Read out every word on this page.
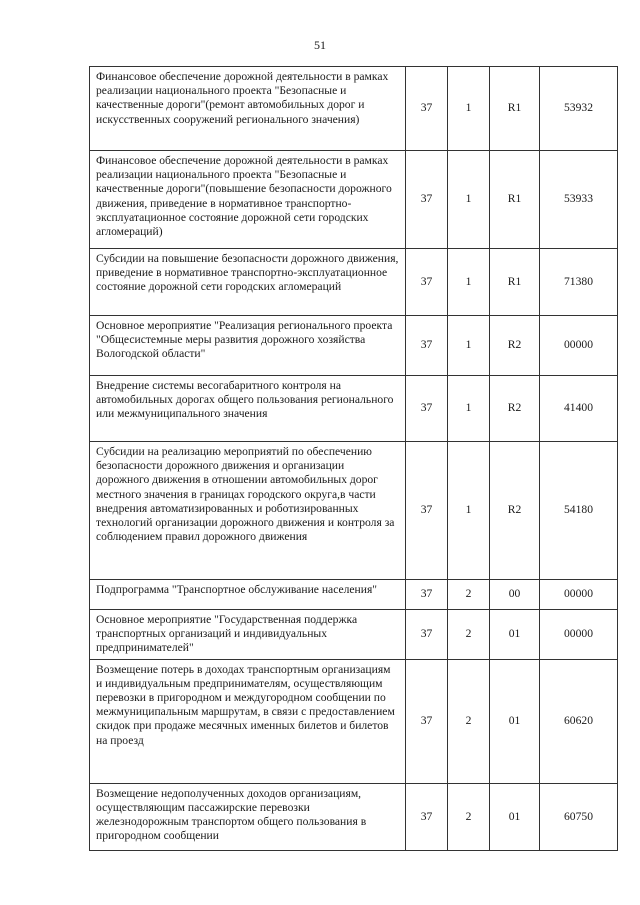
51
Финансовое обеспечение дорожной деятельности в рамках реализации национального проекта "Безопасные и качественные дороги"(ремонт автомобильных дорог и искусственных сооружений регионального значения)	37	1	R1	53932
Финансовое обеспечение дорожной деятельности в рамках реализации национального проекта "Безопасные и качественные дороги"(повышение безопасности дорожного движения, приведение в нормативное транспортно-эксплуатационное состояние дорожной сети городских агломераций)	37	1	R1	53933
Субсидии на повышение безопасности дорожного движения, приведение в нормативное транспортно-эксплуатационное состояние дорожной сети городских агломераций	37	1	R1	71380
Основное мероприятие "Реализация регионального проекта "Общесистемные меры развития дорожного хозяйства Вологодской области"	37	1	R2	00000
Внедрение системы весогабаритного контроля на автомобильных дорогах общего пользования регионального или межмуниципального значения	37	1	R2	41400
Субсидии на реализацию мероприятий по обеспечению безопасности дорожного движения и организации дорожного движения в отношении автомобильных дорог местного значения в границах городского округа,в части внедрения автоматизированных и роботизированных технологий организации дорожного движения и контроля за соблюдением правил дорожного движения	37	1	R2	54180
Подпрограмма "Транспортное обслуживание населения"	37	2	00	00000
Основное мероприятие "Государственная поддержка транспортных организаций и индивидуальных предпринимателей"	37	2	01	00000
Возмещение потерь в доходах транспортным организациям и индивидуальным предпринимателям, осуществляющим перевозки в пригородном и междугородном сообщении по межмуниципальным маршрутам, в связи с предоставлением скидок при продаже месячных именных билетов и билетов на проезд	37	2	01	60620
Возмещение недополученных доходов организациям, осуществляющим пассажирские перевозки железнодорожным транспортом общего пользования в пригородном сообщении	37	2	01	60750
